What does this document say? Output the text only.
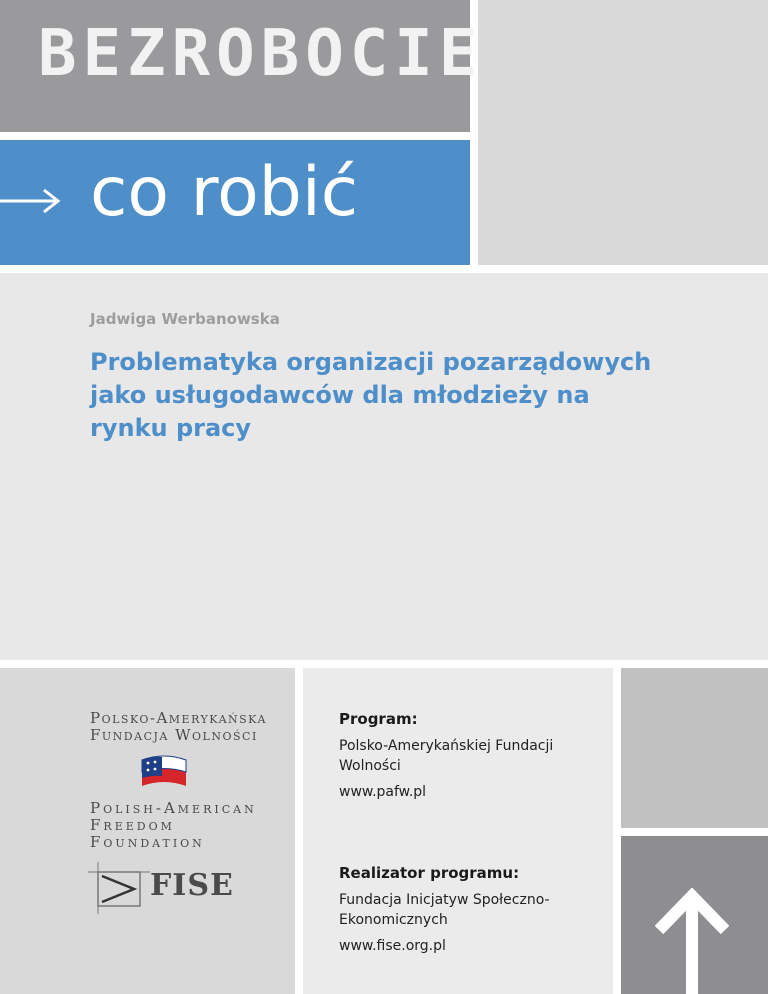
BEZROBOCIE
co robić
Jadwiga Werbanowska
Problematyka organizacji pozarządowych jako usługodawców dla młodzieży na rynku pracy
Polsko-Amerykańska Fundacja Wolności
Polish-American Freedom Foundation
FISE
Program:
Polsko-Amerykańskiej Fundacji Wolności
www.pafw.pl
Realizator programu:
Fundacja Inicjatyw Społeczno-Ekonomicznych
www.fise.org.pl
